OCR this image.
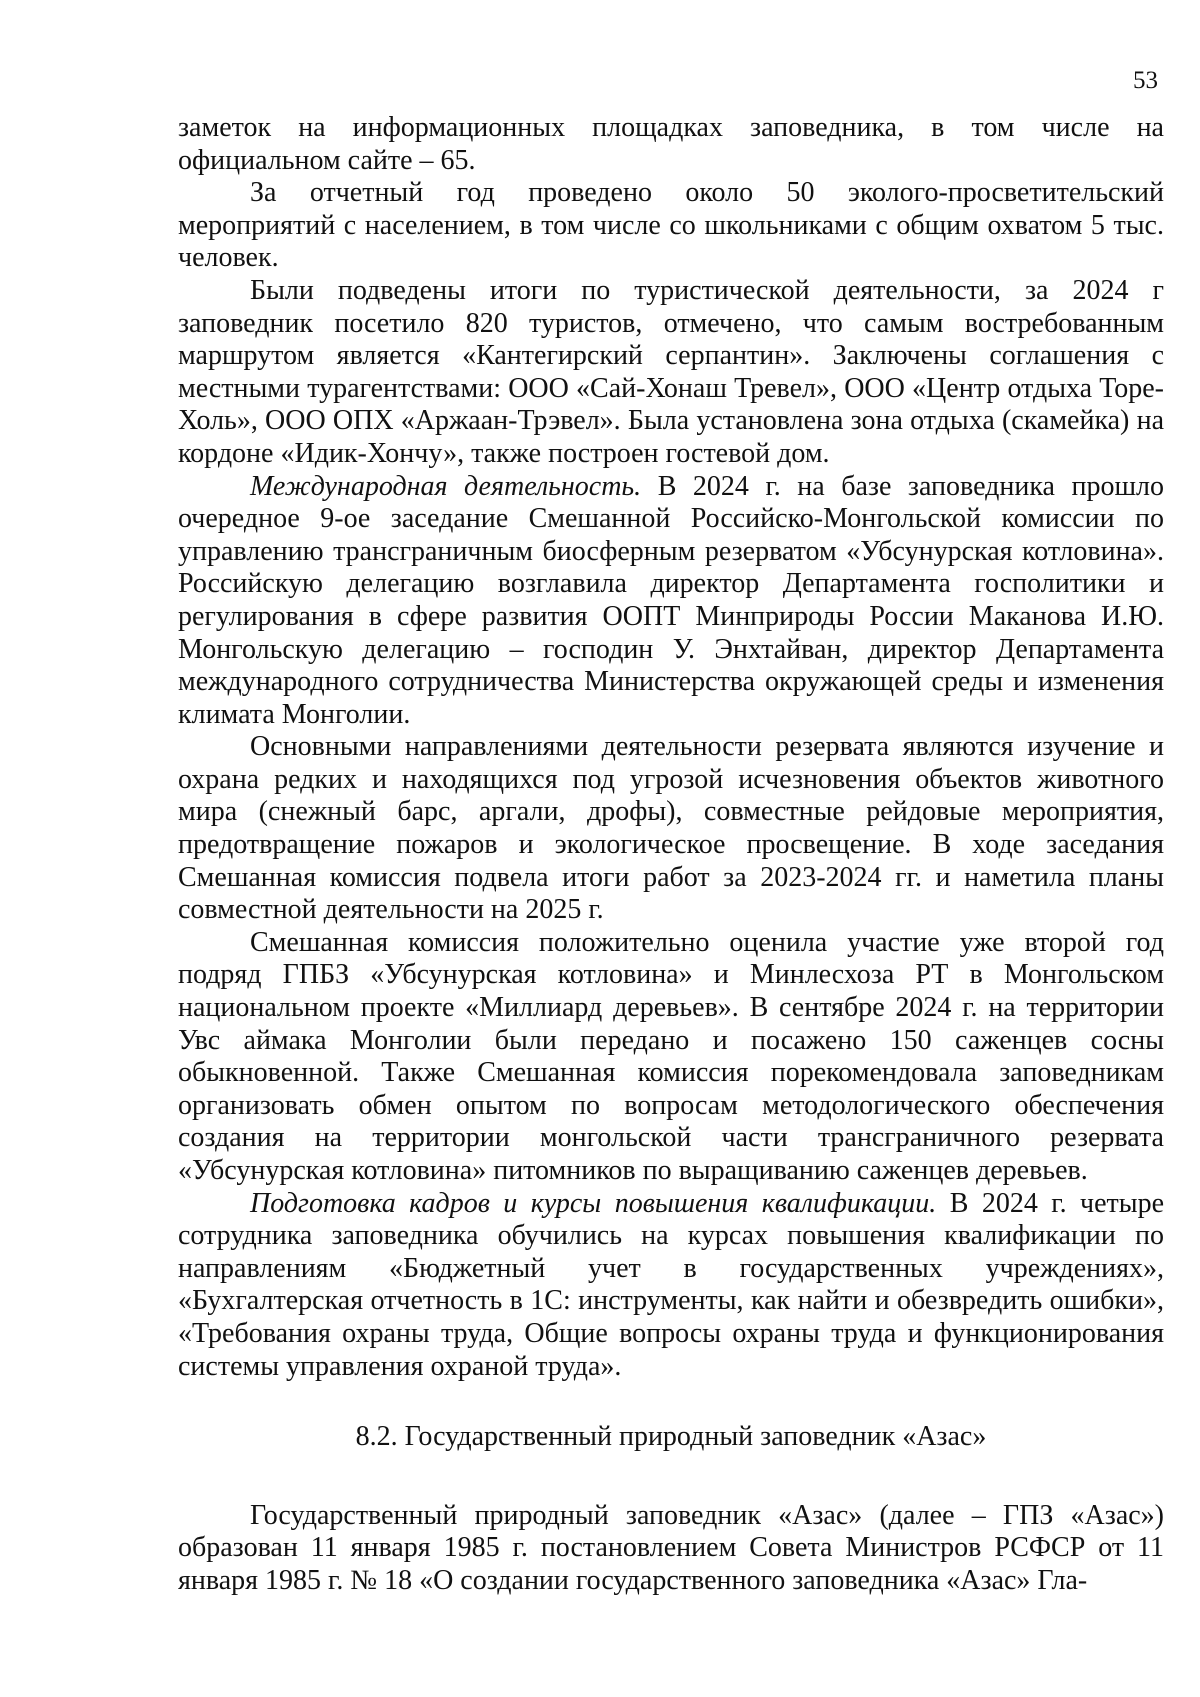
53

заметок на информационных площадках заповедника, в том числе на официальном сайте – 65.

За отчетный год проведено около 50 эколого-просветительский мероприятий с населением, в том числе со школьниками с общим охватом 5 тыс. человек.

Были подведены итоги по туристической деятельности, за 2024 г заповедник посетило 820 туристов, отмечено, что самым востребованным маршрутом является «Кантегирский серпантин». Заключены соглашения с местными турагентствами: ООО «Сай-Хонаш Тревел», ООО «Центр отдыха Торе-Холь», ООО ОПХ «Аржаан-Трэвел». Была установлена зона отдыха (скамейка) на кордоне «Идик-Хончу», также построен гостевой дом.

Международная деятельность. В 2024 г. на базе заповедника прошло очередное 9-ое заседание Смешанной Российско-Монгольской комиссии по управлению трансграничным биосферным резерватом «Убсунурская котловина». Российскую делегацию возглавила директор Департамента госполитики и регулирования в сфере развития ООПТ Минприроды России Маканова И.Ю. Монгольскую делегацию – господин У. Энхтайван, директор Департамента международного сотрудничества Министерства окружающей среды и изменения климата Монголии.

Основными направлениями деятельности резервата являются изучение и охрана редких и находящихся под угрозой исчезновения объектов животного мира (снежный барс, аргали, дрофы), совместные рейдовые мероприятия, предотвращение пожаров и экологическое просвещение. В ходе заседания Смешанная комиссия подвела итоги работ за 2023-2024 гг. и наметила планы совместной деятельности на 2025 г.

Смешанная комиссия положительно оценила участие уже второй год подряд ГПБЗ «Убсунурская котловина» и Минлесхоза РТ в Монгольском национальном проекте «Миллиард деревьев». В сентябре 2024 г. на территории Увс аймака Монголии были передано и посажено 150 саженцев сосны обыкновенной. Также Смешанная комиссия порекомендовала заповедникам организовать обмен опытом по вопросам методологического обеспечения создания на территории монгольской части трансграничного резервата «Убсунурская котловина» питомников по выращиванию саженцев деревьев.

Подготовка кадров и курсы повышения квалификации. В 2024 г. четыре сотрудника заповедника обучились на курсах повышения квалификации по направлениям «Бюджетный учет в государственных учреждениях», «Бухгалтерская отчетность в 1С: инструменты, как найти и обезвредить ошибки», «Требования охраны труда, Общие вопросы охраны труда и функционирования системы управления охраной труда».

8.2. Государственный природный заповедник «Азас»

Государственный природный заповедник «Азас» (далее – ГПЗ «Азас») образован 11 января 1985 г. постановлением Совета Министров РСФСР от 11 января 1985 г. № 18 «О создании государственного заповедника «Азас» Гла-
